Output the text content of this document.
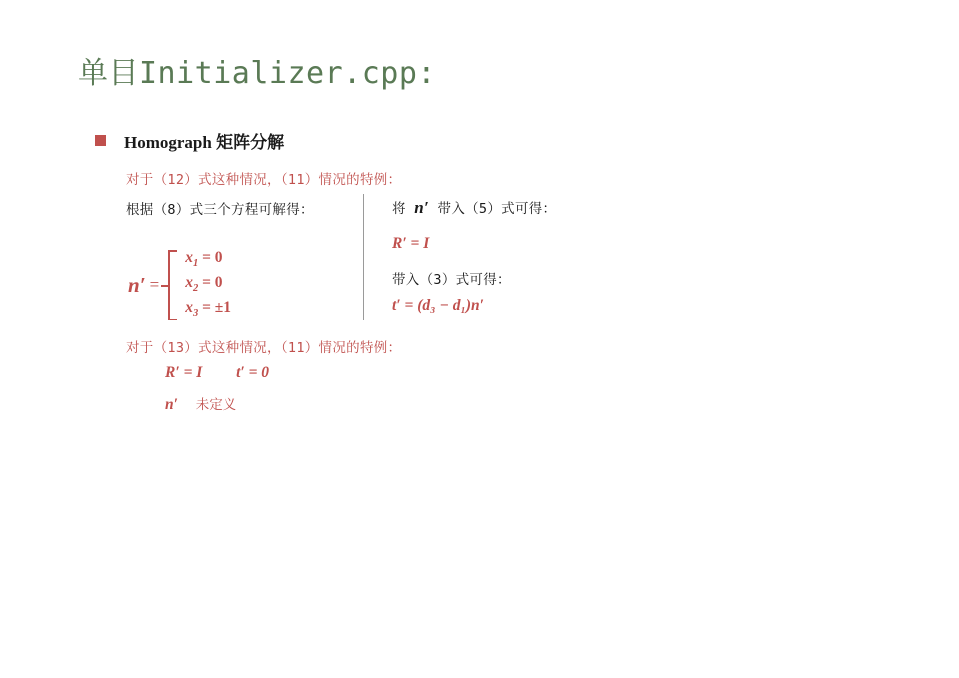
单目Initializer.cpp:
Homograph 矩阵分解
对于（12）式这种情况，（11）情况的特例：
根据（8）式三个方程可解得：	将 n′ 带入（5）式可得：
R′ = I
带入（3）式可得：
t′ = (d₃ − d₁)n′
n′ =
$x_1 = 0$
$x_2 = 0$
$x_3 = \pm 1$
对于（13）式这种情况，（11）情况的特例：
R′ = I t′ = 0
n′ 未定义
